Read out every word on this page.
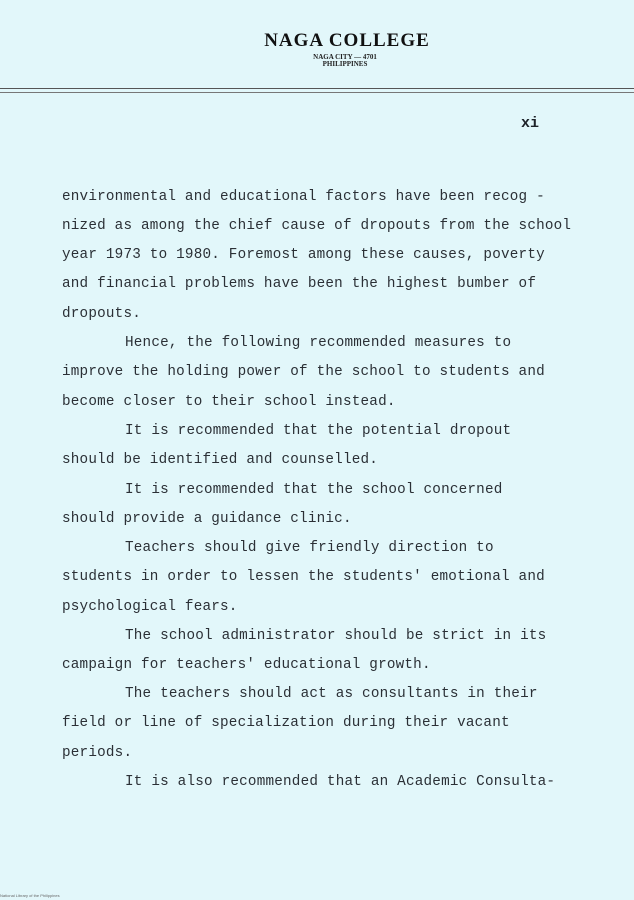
NAGA COLLEGE
NAGA CITY — 4701
PHILIPPINES
xi
environmental and educational factors have been recog -
nized as among the chief cause of dropouts from the school
year 1973 to 1980. Foremost among these causes, poverty
and financial problems have been the highest bumber of
dropouts.
Hence, the following recommended measures to
improve the holding power of the school to students and
become closer to their school instead.
It is recommended that the potential dropout
should be identified and counselled.
It is recommended that the school concerned
should provide a guidance clinic.
Teachers should give friendly direction to
students in order to lessen the students' emotional and
psychological fears.
The school administrator should be strict in its
campaign for teachers' educational growth.
The teachers should act as consultants in their
field or line of specialization during their vacant
periods.
It is also recommended that an Academic Consulta-
National Library of the Philippines
